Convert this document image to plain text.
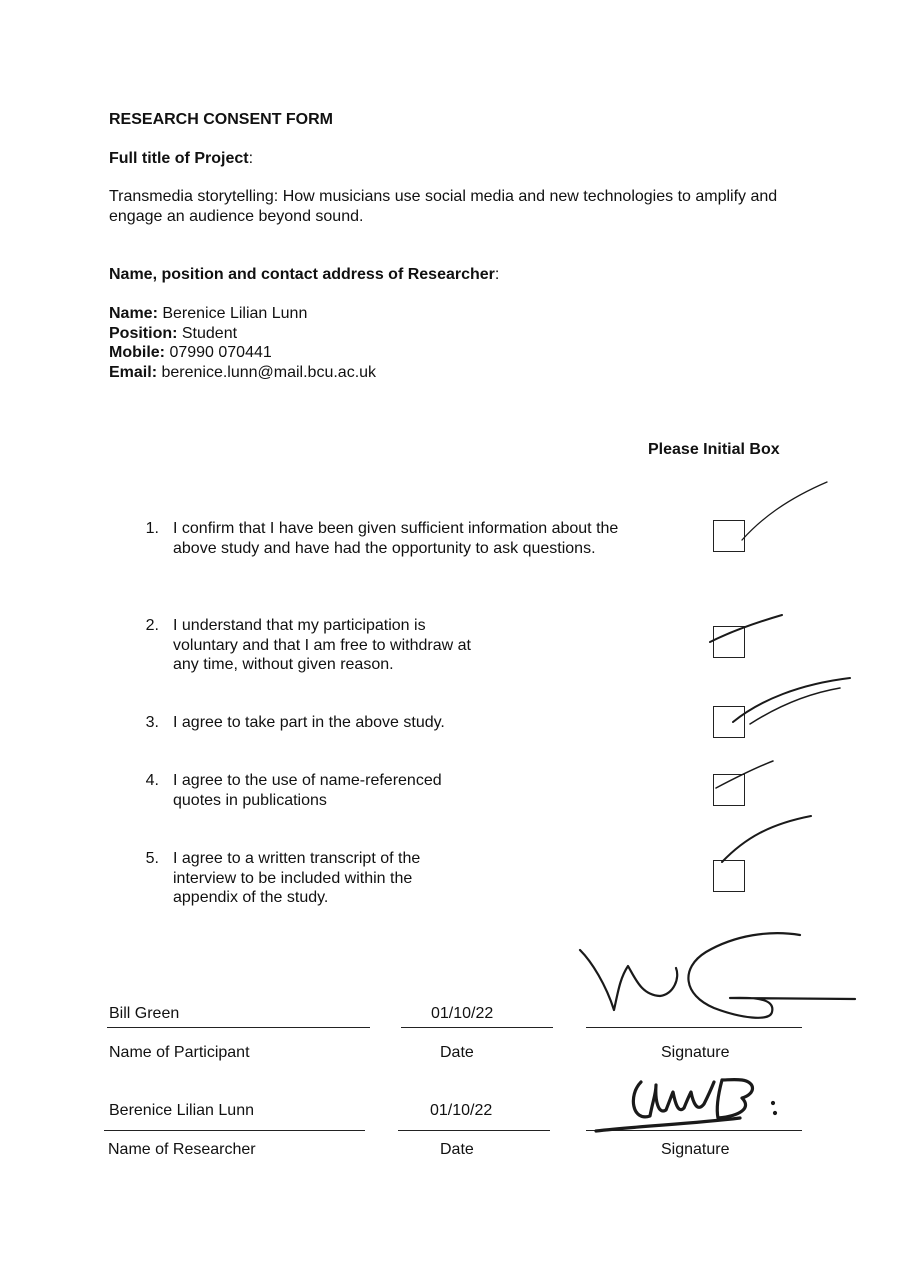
RESEARCH CONSENT FORM
Full title of Project:
Transmedia storytelling: How musicians use social media and new technologies to amplify and engage an audience beyond sound.
Name, position and contact address of Researcher:
Name: Berenice Lilian Lunn
Position: Student
Mobile: 07990 070441
Email: berenice.lunn@mail.bcu.ac.uk
Please Initial Box
1. I confirm that I have been given sufficient information about the above study and have had the opportunity to ask questions.
2. I understand that my participation is voluntary and that I am free to withdraw at any time, without given reason.
3. I agree to take part in the above study.
4. I agree to the use of name-referenced quotes in publications
5. I agree to a written transcript of the interview to be included within the appendix of the study.
Bill Green	01/10/22
Name of Participant	Date	Signature
Berenice Lilian Lunn	01/10/22
Name of Researcher	Date	Signature
